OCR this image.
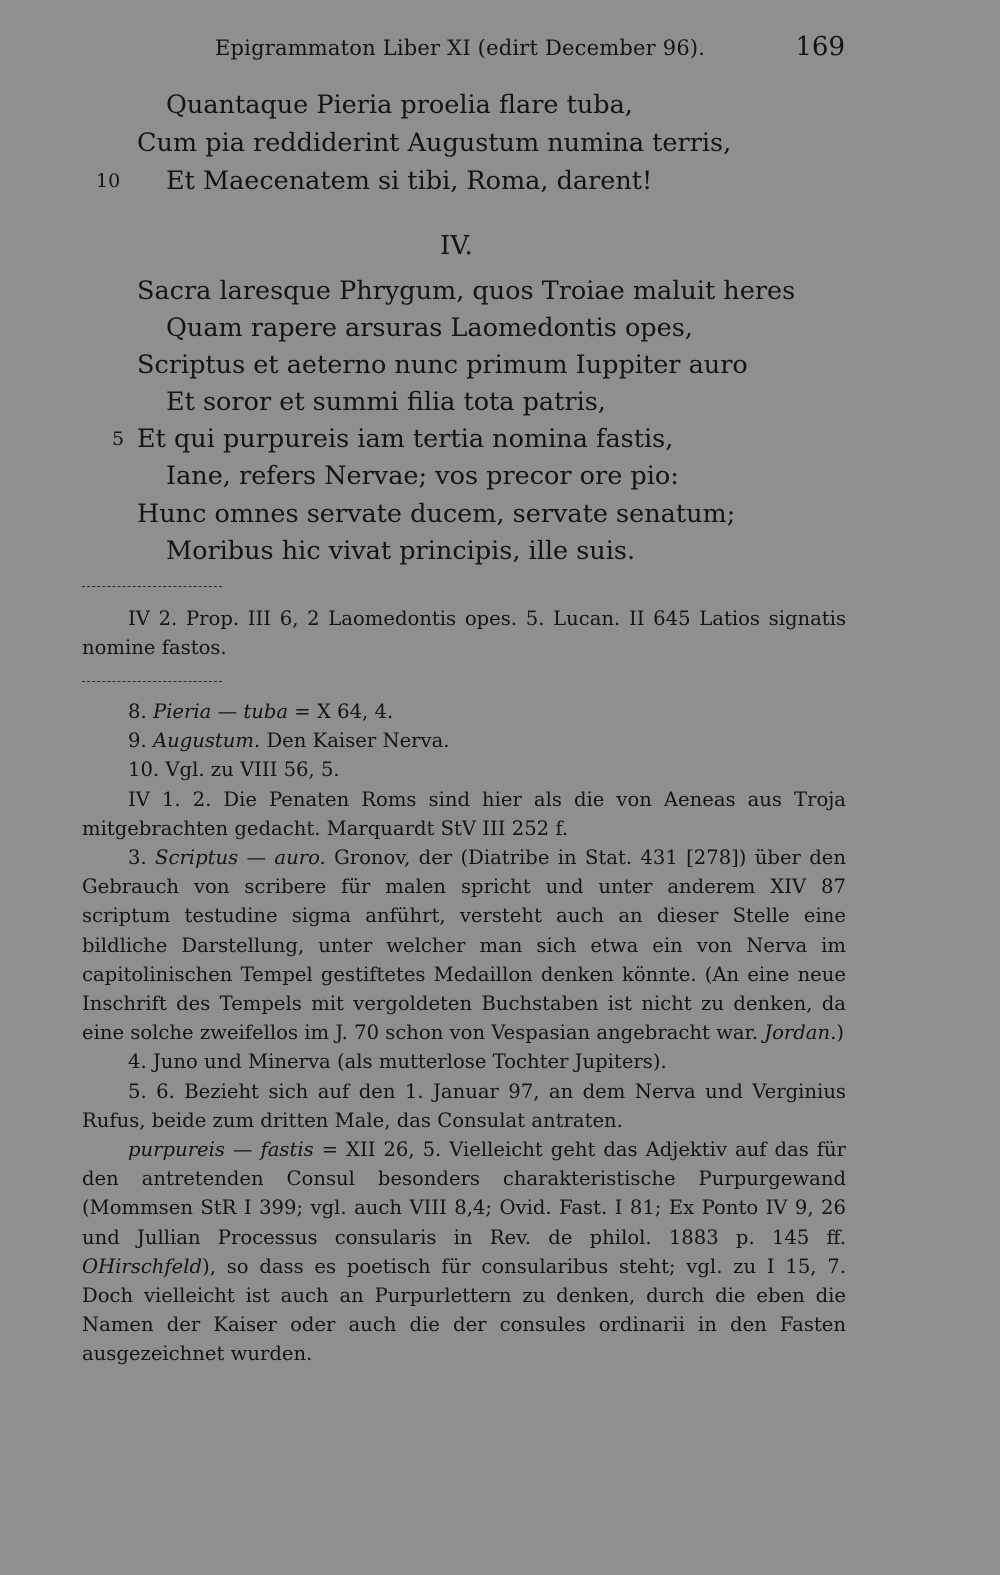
Epigrammaton Liber XI (edirt December 96).	169
Quantaque Pieria proelia flare tuba,
Cum pia reddiderint Augustum numina terris,
10 Et Maecenatem si tibi, Roma, darent!
IV.
Sacra laresque Phrygum, quos Troiae maluit heres
Quam rapere arsuras Laomedontis opes,
Scriptus et aeterno nunc primum Iuppiter auro
Et soror et summi filia tota patris,
5 Et qui purpureis iam tertia nomina fastis,
Iane, refers Nervae; vos precor ore pio:
Hunc omnes servate ducem, servate senatum;
Moribus hic vivat principis, ille suis.

IV 2. Prop. III 6, 2 Laomedontis opes. 5. Lucan. II 645 Latios signatis nomine fastos.

8. Pieria — tuba = X 64, 4.

9. Augustum. Den Kaiser Nerva.

10. Vgl. zu VIII 56, 5.

IV 1. 2. Die Penaten Roms sind hier als die von Aeneas aus Troja mitgebrachten gedacht. Marquardt StV III 252 f.

3. Scriptus — auro. Gronov, der (Diatribe in Stat. 431 [278]) über den Gebrauch von scribere für malen spricht und unter anderem XIV 87 scriptum testudine sigma anführt, versteht auch an dieser Stelle eine bildliche Darstellung, unter welcher man sich etwa ein von Nerva im capitolinischen Tempel gestiftetes Medaillon denken könnte. (An eine neue Inschrift des Tempels mit vergoldeten Buchstaben ist nicht zu denken, da eine solche zweifellos im J. 70 schon von Vespasian angebracht war. Jordan.)

4. Juno und Minerva (als mutterlose Tochter Jupiters).

5. 6. Bezieht sich auf den 1. Januar 97, an dem Nerva und Verginius Rufus, beide zum dritten Male, das Consulat antraten.

purpureis — fastis = XII 26, 5. Vielleicht geht das Adjektiv auf das für den antretenden Consul besonders charakteristische Purpurgewand (Mommsen StR I 399; vgl. auch VIII 8,4; Ovid. Fast. I 81; Ex Ponto IV 9, 26 und Jullian Processus consularis in Rev. de philol. 1883 p. 145 ff. OHirschfeld), so dass es poetisch für consularibus steht; vgl. zu I 15, 7. Doch vielleicht ist auch an Purpurlettern zu denken, durch die eben die Namen der Kaiser oder auch die der consules ordinarii in den Fasten ausgezeichnet wurden.
